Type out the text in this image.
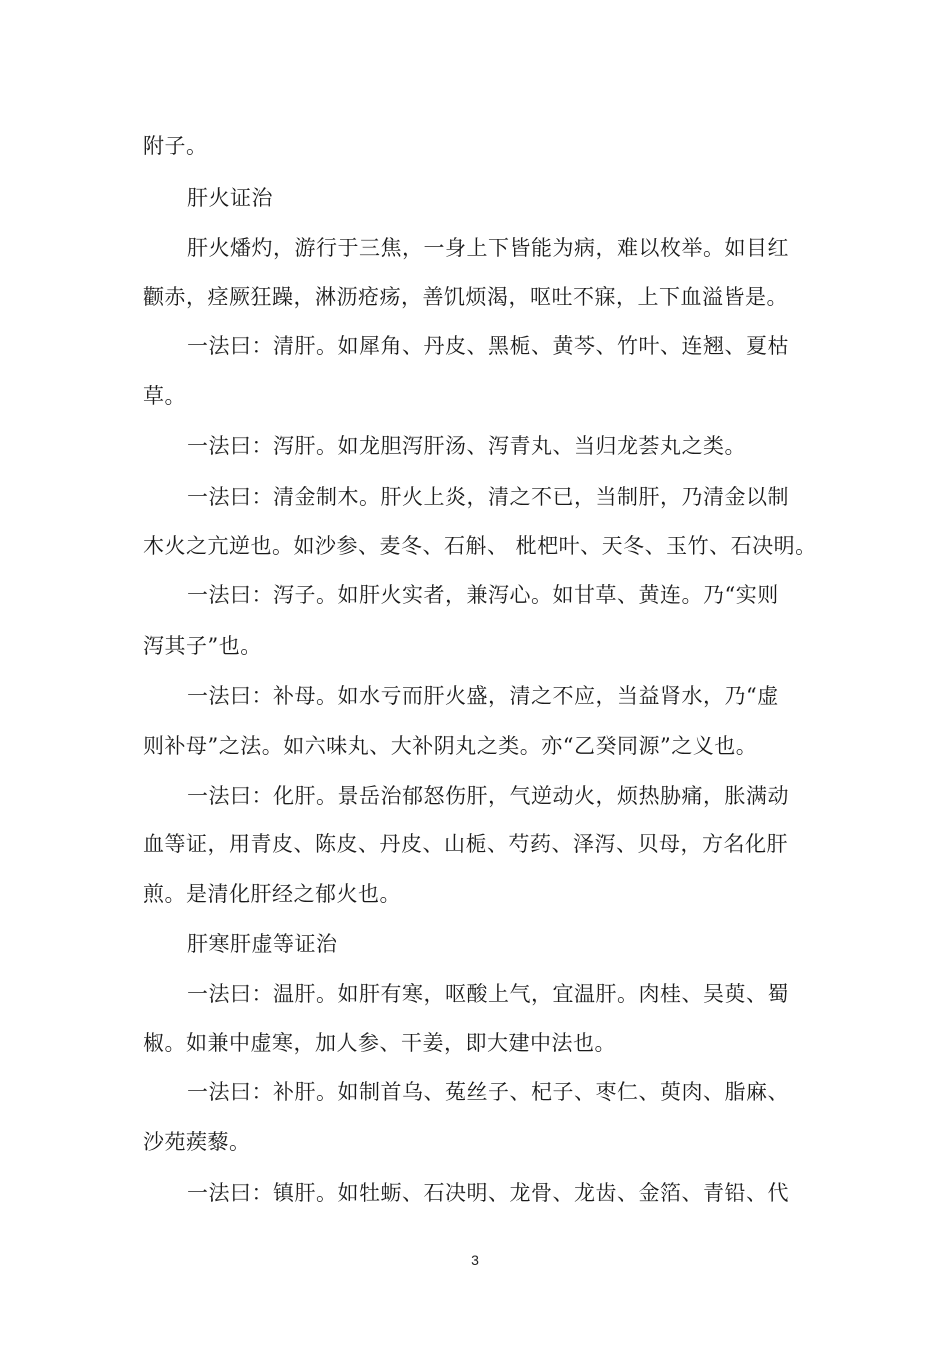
附子。
肝火证治
肝火燔灼，游行于三焦，一身上下皆能为病，难以枚举。如目红
颧赤，痉厥狂躁，淋沥疮疡，善饥烦渴，呕吐不寐，上下血溢皆是。
一法曰：清肝。如犀角、丹皮、黑栀、黄芩、竹叶、连翘、夏枯
草。
一法曰：泻肝。如龙胆泻肝汤、泻青丸、当归龙荟丸之类。
一法曰：清金制木。肝火上炎，清之不已，当制肝，乃清金以制
木火之亢逆也。如沙参、麦冬、石斛、 枇杷叶、天冬、玉竹、石决明。
一法曰：泻子。如肝火实者，兼泻心。如甘草、黄连。乃“实则
泻其子”也。
一法曰：补母。如水亏而肝火盛，清之不应，当益肾水，乃“虚
则补母”之法。如六味丸、大补阴丸之类。亦“乙癸同源”之义也。
一法曰：化肝。景岳治郁怒伤肝，气逆动火，烦热胁痛，胀满动
血等证，用青皮、陈皮、丹皮、山栀、芍药、泽泻、贝母，方名化肝
煎。是清化肝经之郁火也。
肝寒肝虚等证治
一法曰：温肝。如肝有寒，呕酸上气，宜温肝。肉桂、吴萸、蜀
椒。如兼中虚寒，加人参、干姜，即大建中法也。
一法曰：补肝。如制首乌、菟丝子、杞子、枣仁、萸肉、脂麻、
沙苑蒺藜。
一法曰：镇肝。如牡蛎、石决明、龙骨、龙齿、金箔、青铅、代
3
